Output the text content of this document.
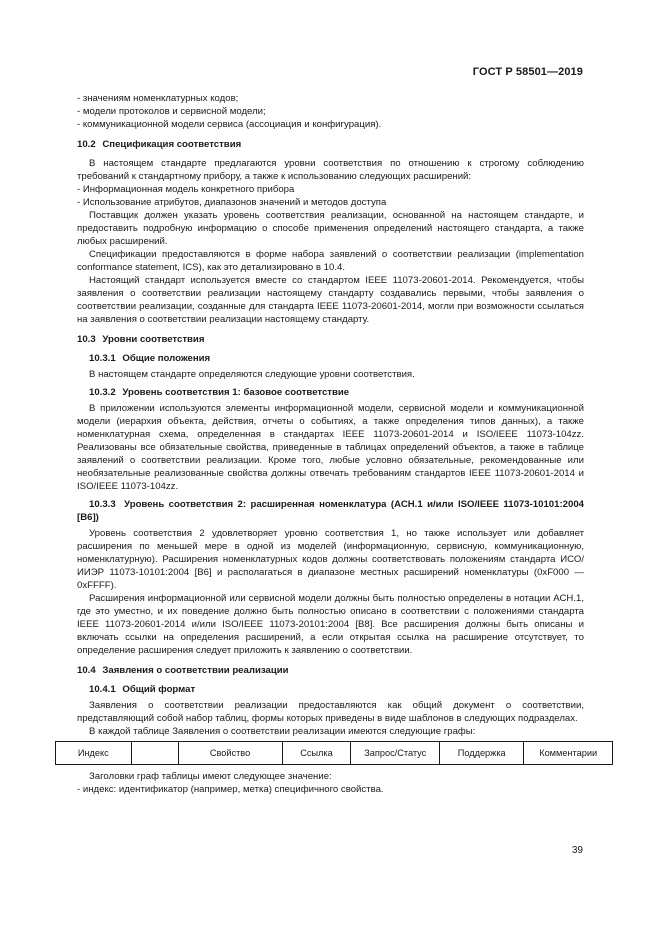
ГОСТ Р 58501—2019

- значениям номенклатурных кодов;

- модели протоколов и сервисной модели;

- коммуникационной модели сервиса (ассоциация и конфигурация).

10.2 Спецификация соответствия

В настоящем стандарте предлагаются уровни соответствия по отношению к строгому соблюдению требований к стандартному прибору, а также к использованию следующих расширений:

- Информационная модель конкретного прибора

- Использование атрибутов, диапазонов значений и методов доступа

Поставщик должен указать уровень соответствия реализации, основанной на настоящем стандарте, и предоставить подробную информацию о способе применения определений настоящего стандарта, а также любых расширений.

Спецификации предоставляются в форме набора заявлений о соответствии реализации (implementation conformance statement, ICS), как это детализировано в 10.4.

Настоящий стандарт используется вместе со стандартом IEEE 11073-20601-2014. Рекомендуется, чтобы заявления о соответствии реализации настоящему стандарту создавались первыми, чтобы заявления о соответствии реализации, созданные для стандарта IEEE 11073-20601-2014, могли при возможности ссылаться на заявления о соответствии реализации настоящему стандарту.

10.3 Уровни соответствия
10.3.1 Общие положения

В настоящем стандарте определяются следующие уровни соответствия.

10.3.2 Уровень соответствия 1: базовое соответствие

В приложении используются элементы информационной модели, сервисной модели и коммуникационной модели (иерархия объекта, действия, отчеты о событиях, а также определения типов данных), а также номенклатурная схема, определенная в стандартах IEEE 11073-20601-2014 и ISO/IEEE 11073-104zz. Реализованы все обязательные свойства, приведенные в таблицах определений объектов, а также в таблице заявлений о соответствии реализации. Кроме того, любые условно обязательные, рекомендованные или необязательные реализованные свойства должны отвечать требованиям стандартов IEEE 11073-20601-2014 и ISO/IEEE 11073-104zz.

10.3.3 Уровень соответствия 2: расширенная номенклатура (АСН.1 и/или ISO/IEEE 11073-10101:2004 [B6])

Уровень соответствия 2 удовлетворяет уровню соответствия 1, но также использует или добавляет расширения по меньшей мере в одной из моделей (информационную, сервисную, коммуникационную, номенклатурную). Расширения номенклатурных кодов должны соответствовать положениям стандарта ИСО/ИИЭР 11073-10101:2004 [B6] и располагаться в диапазоне местных расширений номенклатуры (0xF000 — 0xFFFF).

Расширения информационной или сервисной модели должны быть полностью определены в нотации АСН.1, где это уместно, и их поведение должно быть полностью описано в соответствии с положениями стандарта IEEE 11073-20601-2014 и/или ISO/IEEE 11073-20101:2004 [B8]. Все расширения должны быть описаны и включать ссылки на определения расширений, а если открытая ссылка на расширение отсутствует, то определение расширения следует приложить к заявлению о соответствии.

10.4 Заявления о соответствии реализации
10.4.1 Общий формат

Заявления о соответствии реализации предоставляются как общий документ о соответствии, представляющий собой набор таблиц, формы которых приведены в виде шаблонов в следующих подразделах.

В каждой таблице Заявления о соответствии реализации имеются следующие графы:

Индекс		Свойство	Ссылка	Запрос/Статус	Поддержка	Комментарии

Заголовки граф таблицы имеют следующее значение:

- индекс: идентификатор (например, метка) специфичного свойства.

39
